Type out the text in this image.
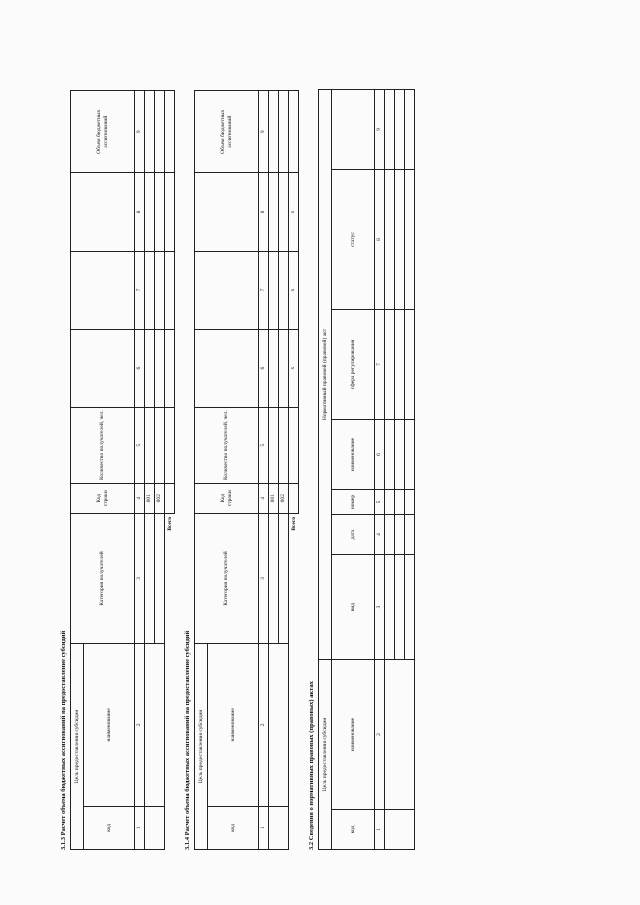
3.1.3 Расчет объема бюджетных ассигнований на предоставление субсидий Цель предоставления субсидии		Категория получателей	Код строки	Количество получателей, чел.				Объем бюджетных ассигнований
код	наименование							
1	2	3	4	5	6	7	8	9
			001					
			002					
		Всего						
3.1.4 Расчет объема бюджетных ассигнований на предоставление субсидий Цель предоставления субсидии		Категория получателей	Код строки	Количество получателей, чел.				Объем бюджетных ассигнований
код	наименование							
1	2	3	4	5	6	7	8	9
			001					
			002					
		Всего			x	x	x	
3.2 Сведения о нормативных правовых (правовых) актах Цель предоставления субсидии		Нормативный правовой (правовой) акт						
код	наименование	вид	дата	номер	наименование	сфера регулирования	статус	
1	2	3	4	5	6	7	8	9
